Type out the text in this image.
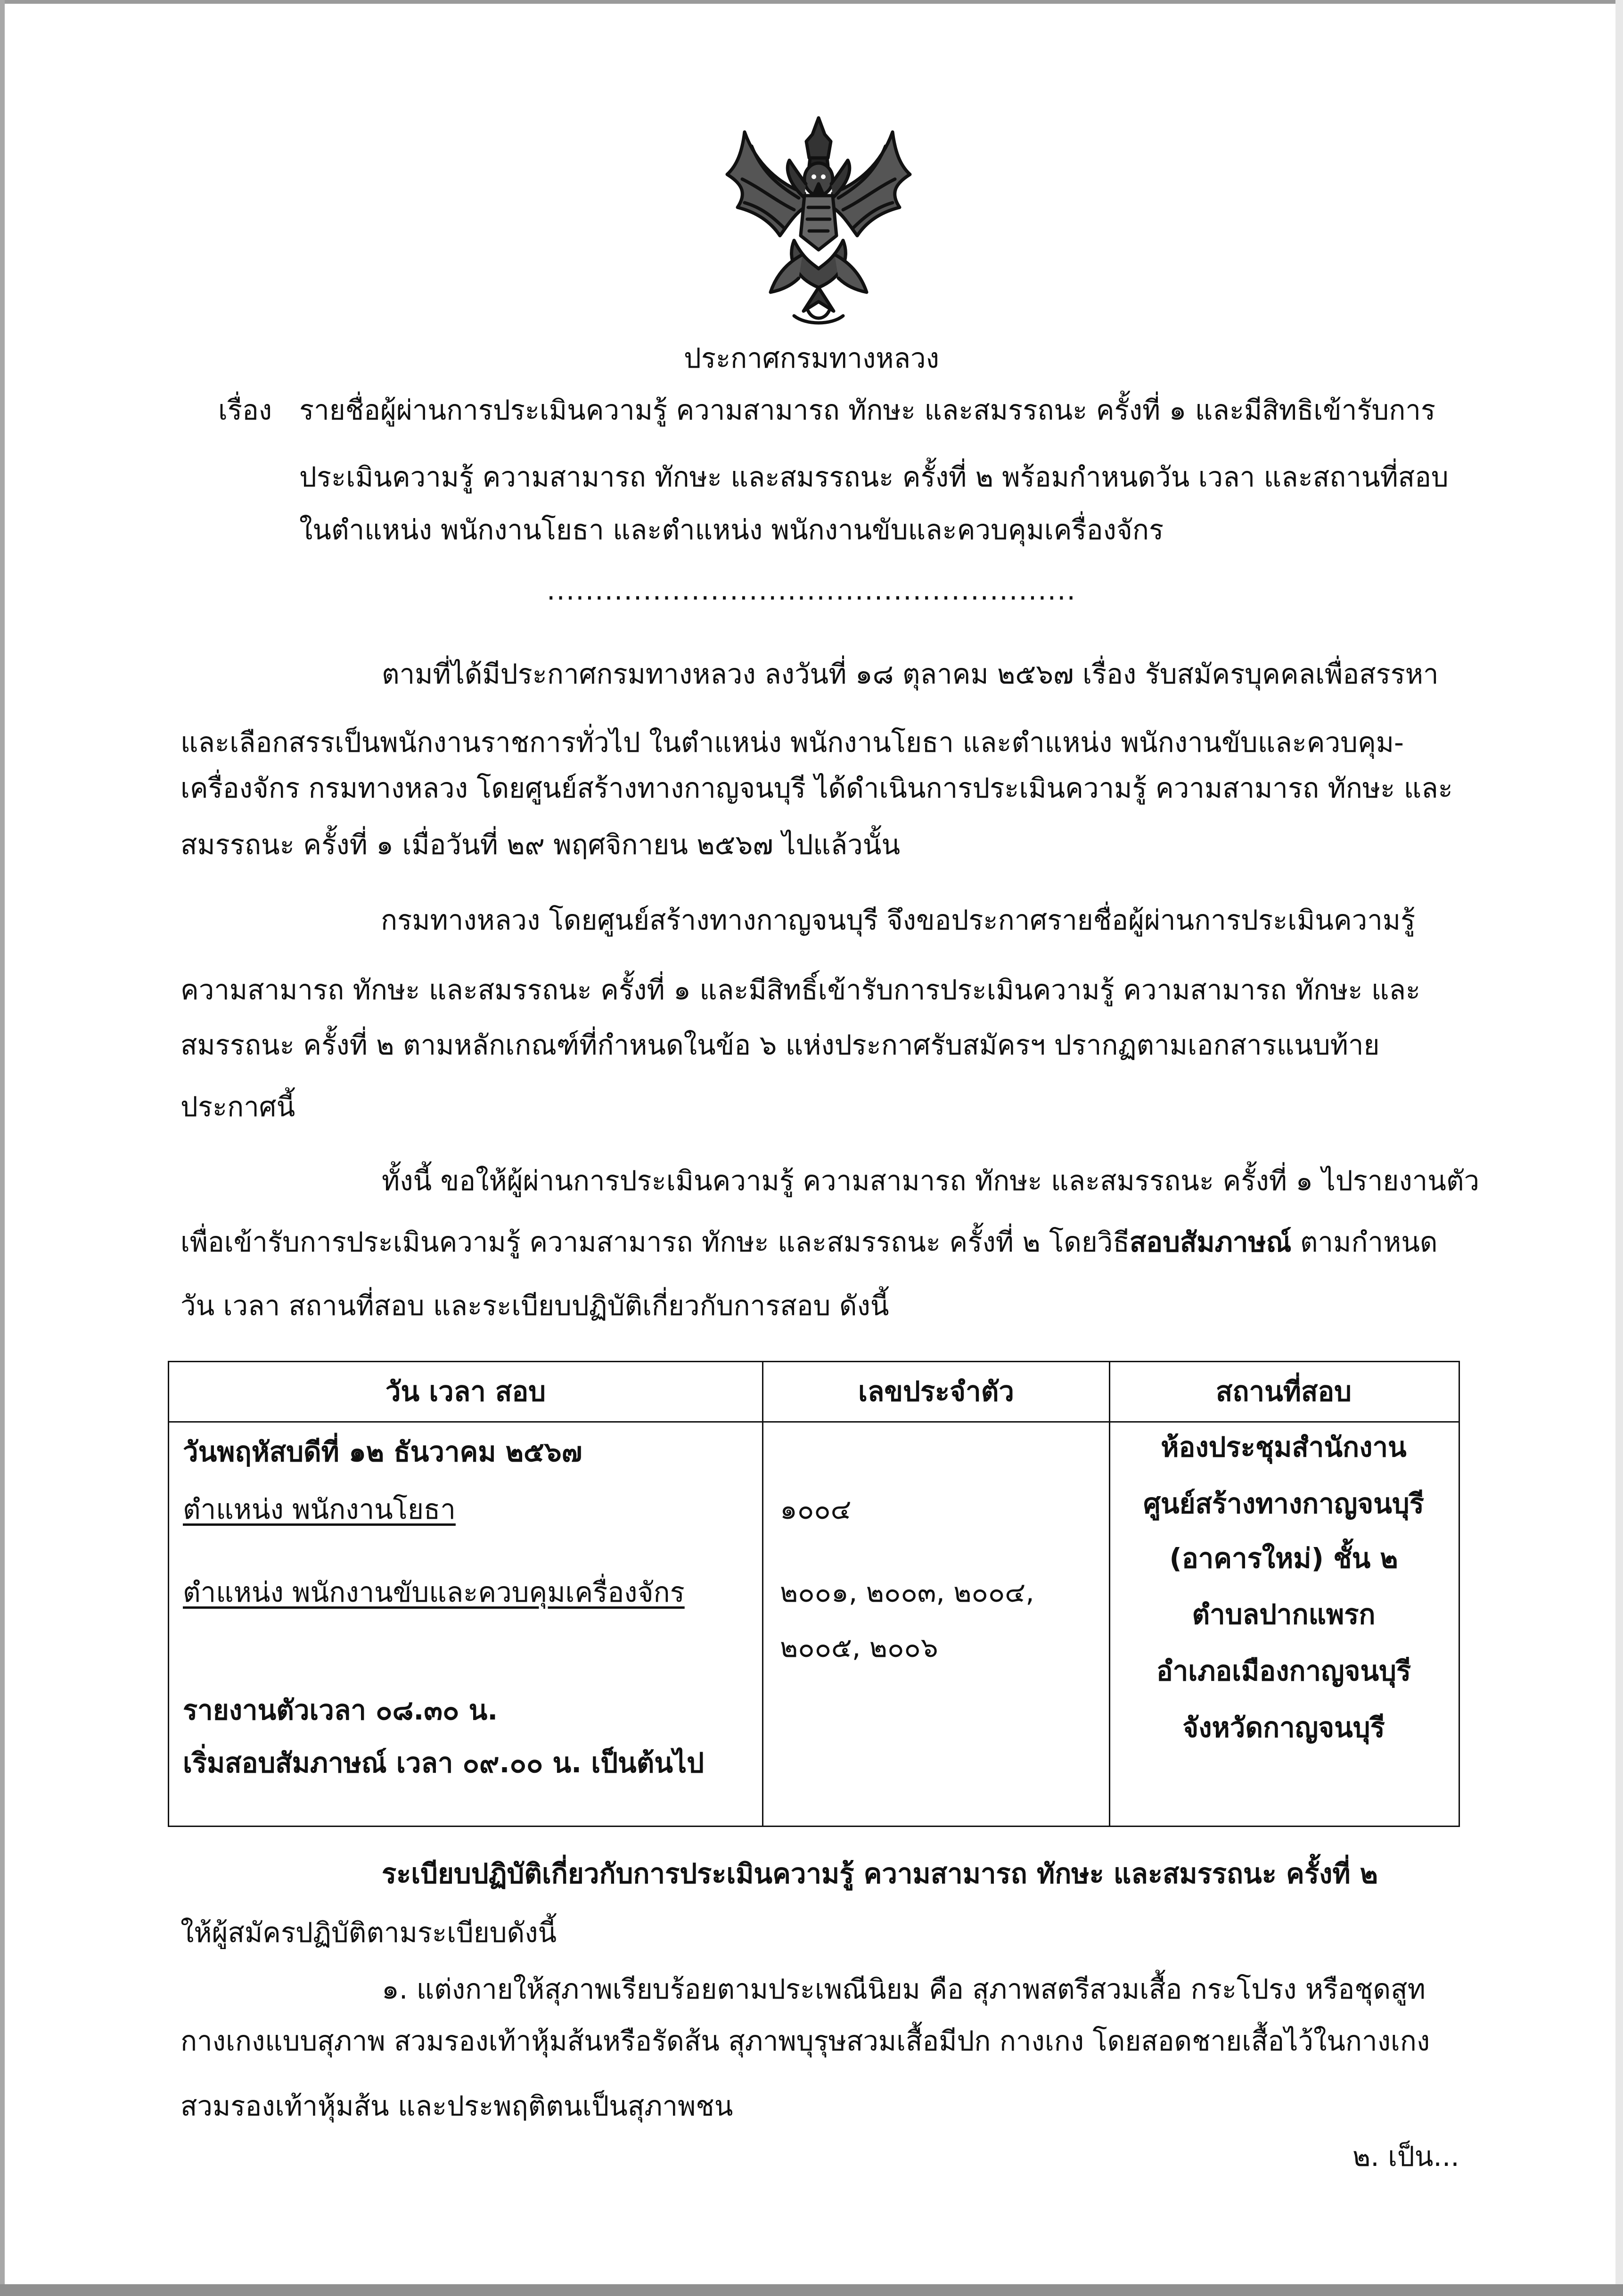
ประกาศกรมทางหลวง
เรื่อง รายชื่อผู้ผ่านการประเมินความรู้ ความสามารถ ทักษะ และสมรรถนะ ครั้งที่ ๑ และมีสิทธิเข้ารับการ
ประเมินความรู้ ความสามารถ ทักษะ และสมรรถนะ ครั้งที่ ๒ พร้อมกำหนดวัน เวลา และสถานที่สอบ
ในตำแหน่ง พนักงานโยธา และตำแหน่ง พนักงานขับและควบคุมเครื่องจักร
.......................................................
ตามที่ได้มีประกาศกรมทางหลวง ลงวันที่ ๑๘ ตุลาคม ๒๕๖๗ เรื่อง รับสมัครบุคคลเพื่อสรรหา
และเลือกสรรเป็นพนักงานราชการทั่วไป ในตำแหน่ง พนักงานโยธา และตำแหน่ง พนักงานขับและควบคุม-
เครื่องจักร กรมทางหลวง โดยศูนย์สร้างทางกาญจนบุรี ได้ดำเนินการประเมินความรู้ ความสามารถ ทักษะ และ
สมรรถนะ ครั้งที่ ๑ เมื่อวันที่ ๒๙ พฤศจิกายน ๒๕๖๗ ไปแล้วนั้น
กรมทางหลวง โดยศูนย์สร้างทางกาญจนบุรี จึงขอประกาศรายชื่อผู้ผ่านการประเมินความรู้
ความสามารถ ทักษะ และสมรรถนะ ครั้งที่ ๑ และมีสิทธิ์เข้ารับการประเมินความรู้ ความสามารถ ทักษะ และ
สมรรถนะ ครั้งที่ ๒ ตามหลักเกณฑ์ที่กำหนดในข้อ ๖ แห่งประกาศรับสมัครฯ ปรากฏตามเอกสารแนบท้าย
ประกาศนี้
ทั้งนี้ ขอให้ผู้ผ่านการประเมินความรู้ ความสามารถ ทักษะ และสมรรถนะ ครั้งที่ ๑ ไปรายงานตัว
เพื่อเข้ารับการประเมินความรู้ ความสามารถ ทักษะ และสมรรถนะ ครั้งที่ ๒ โดยวิธีสอบสัมภาษณ์ ตามกำหนด
วัน เวลา สถานที่สอบ และระเบียบปฏิบัติเกี่ยวกับการสอบ ดังนี้
วัน เวลา สอบ	เลขประจำตัว	สถานที่สอบ
วันพฤหัสบดีที่ ๑๒ ธันวาคม ๒๕๖๗
ตำแหน่ง พนักงานโยธา
ตำแหน่ง พนักงานขับและควบคุมเครื่องจักร
รายงานตัวเวลา ๐๘.๓๐ น.
เริ่มสอบสัมภาษณ์ เวลา ๐๙.๐๐ น. เป็นต้นไป
๑๐๐๔
๒๐๐๑, ๒๐๐๓, ๒๐๐๔,
๒๐๐๕, ๒๐๐๖
ห้องประชุมสำนักงาน
ศูนย์สร้างทางกาญจนบุรี
(อาคารใหม่) ชั้น ๒
ตำบลปากแพรก
อำเภอเมืองกาญจนบุรี
จังหวัดกาญจนบุรี
ระเบียบปฏิบัติเกี่ยวกับการประเมินความรู้ ความสามารถ ทักษะ และสมรรถนะ ครั้งที่ ๒
ให้ผู้สมัครปฏิบัติตามระเบียบดังนี้
๑. แต่งกายให้สุภาพเรียบร้อยตามประเพณีนิยม คือ สุภาพสตรีสวมเสื้อ กระโปรง หรือชุดสูท
กางเกงแบบสุภาพ สวมรองเท้าหุ้มส้นหรือรัดส้น สุภาพบุรุษสวมเสื้อมีปก กางเกง โดยสอดชายเสื้อไว้ในกางเกง
สวมรองเท้าหุ้มส้น และประพฤติตนเป็นสุภาพชน
๒. เป็น...
